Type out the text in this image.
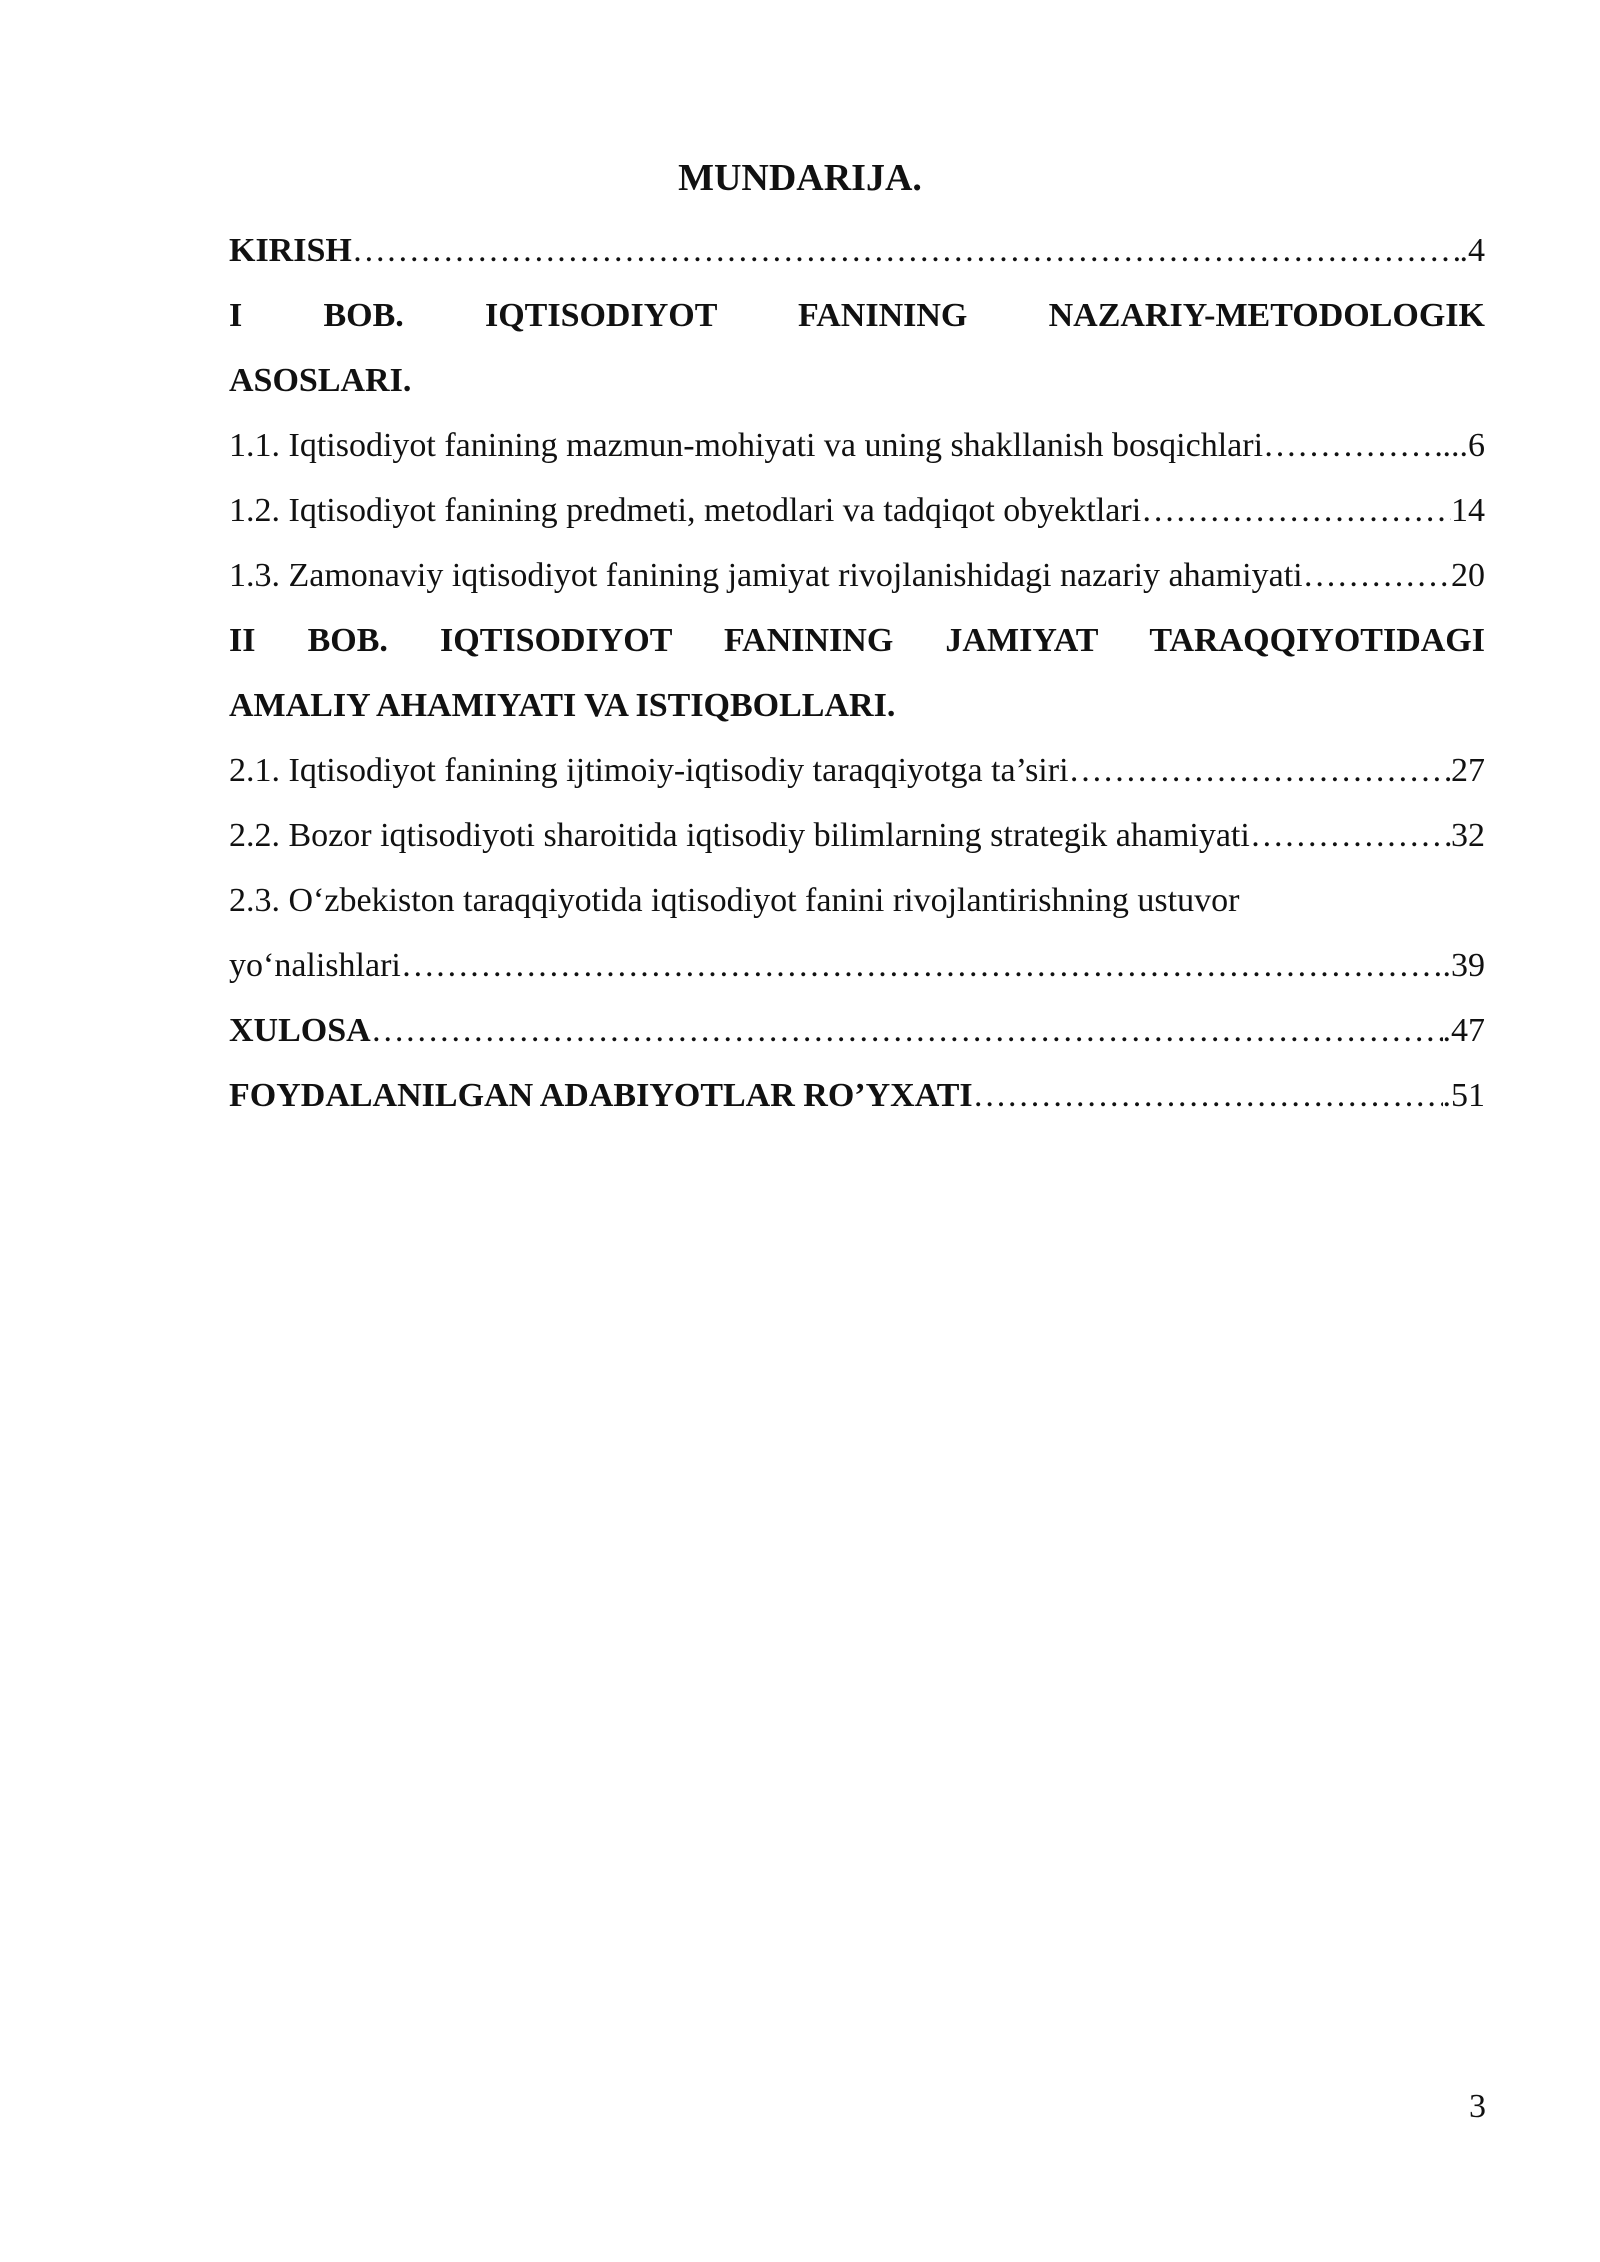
MUNDARIJA.
KIRISH ……………………………………………………………………………………………………………………………………………………………………	.4
I BOB. IQTISODIYOT FANINING NAZARIY-METODOLOGIK
ASOSLARI.
1.1. Iqtisodiyot fanining mazmun-mohiyati va uning shakllanish bosqichlari ……………………………………………………………………………………………………………………………………………………………………	...6
1.2. Iqtisodiyot fanining predmeti, metodlari va tadqiqot obyektlari ……………………………………………………………………………………………………………………………………………………………………	14
1.3. Zamonaviy iqtisodiyot fanining jamiyat rivojlanishidagi nazariy ahamiyati ……………………………………………………………………………………………………………………………………………………………………	20
II BOB. IQTISODIYOT FANINING JAMIYAT TARAQQIYOTIDAGI
AMALIY AHAMIYATI VA ISTIQBOLLARI.
2.1. Iqtisodiyot fanining ijtimoiy-iqtisodiy taraqqiyotga ta’siri ……………………………………………………………………………………………………………………………………………………………………	27
2.2. Bozor iqtisodiyoti sharoitida iqtisodiy bilimlarning strategik ahamiyati ……………………………………………………………………………………………………………………………………………………………………	32
2.3. O‘zbekiston taraqqiyotida iqtisodiyot fanini rivojlantirishning ustuvor
yo‘nalishlari ……………………………………………………………………………………………………………………………………………………………………	.39
XULOSA ……………………………………………………………………………………………………………………………………………………………………	.47
FOYDALANILGAN ADABIYOTLAR RO’YXATI ……………………………………………………………………………………………………………………………………………………………………	.51
3
